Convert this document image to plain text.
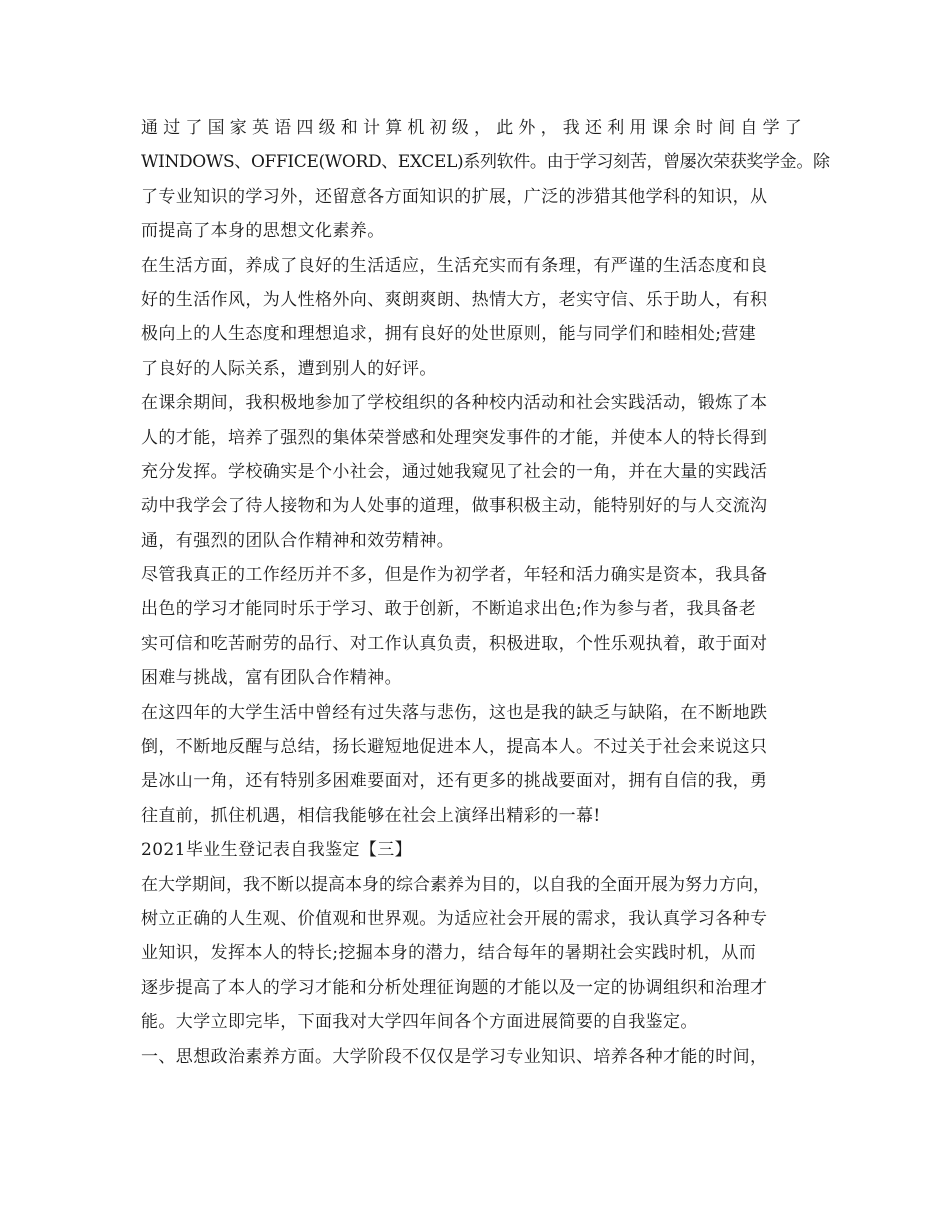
通过了国家英语四级和计算机初级，此外，我还利用课余时间自学了
WINDOWS、OFFICE(WORD、EXCEL)系列软件。由于学习刻苦，曾屡次荣获奖学金。除
了专业知识的学习外，还留意各方面知识的扩展，广泛的涉猎其他学科的知识，从
而提高了本身的思想文化素养。
在生活方面，养成了良好的生活适应，生活充实而有条理，有严谨的生活态度和良
好的生活作风，为人性格外向、爽朗爽朗、热情大方，老实守信、乐于助人，有积
极向上的人生态度和理想追求，拥有良好的处世原则，能与同学们和睦相处;营建
了良好的人际关系，遭到别人的好评。
在课余期间，我积极地参加了学校组织的各种校内活动和社会实践活动，锻炼了本
人的才能，培养了强烈的集体荣誉感和处理突发事件的才能，并使本人的特长得到
充分发挥。学校确实是个小社会，通过她我窥见了社会的一角，并在大量的实践活
动中我学会了待人接物和为人处事的道理，做事积极主动，能特别好的与人交流沟
通，有强烈的团队合作精神和效劳精神。
尽管我真正的工作经历并不多，但是作为初学者，年轻和活力确实是资本，我具备
出色的学习才能同时乐于学习、敢于创新，不断追求出色;作为参与者，我具备老
实可信和吃苦耐劳的品行、对工作认真负责，积极进取，个性乐观执着，敢于面对
困难与挑战，富有团队合作精神。
在这四年的大学生活中曾经有过失落与悲伤，这也是我的缺乏与缺陷，在不断地跌
倒，不断地反醒与总结，扬长避短地促进本人，提高本人。不过关于社会来说这只
是冰山一角，还有特别多困难要面对，还有更多的挑战要面对，拥有自信的我，勇
往直前，抓住机遇，相信我能够在社会上演绎出精彩的一幕!
2021毕业生登记表自我鉴定【三】
在大学期间，我不断以提高本身的综合素养为目的，以自我的全面开展为努力方向，
树立正确的人生观、价值观和世界观。为适应社会开展的需求，我认真学习各种专
业知识，发挥本人的特长;挖掘本身的潜力，结合每年的暑期社会实践时机，从而
逐步提高了本人的学习才能和分析处理征询题的才能以及一定的协调组织和治理才
能。大学立即完毕，下面我对大学四年间各个方面进展简要的自我鉴定。
一、思想政治素养方面。大学阶段不仅仅是学习专业知识、培养各种才能的时间，
